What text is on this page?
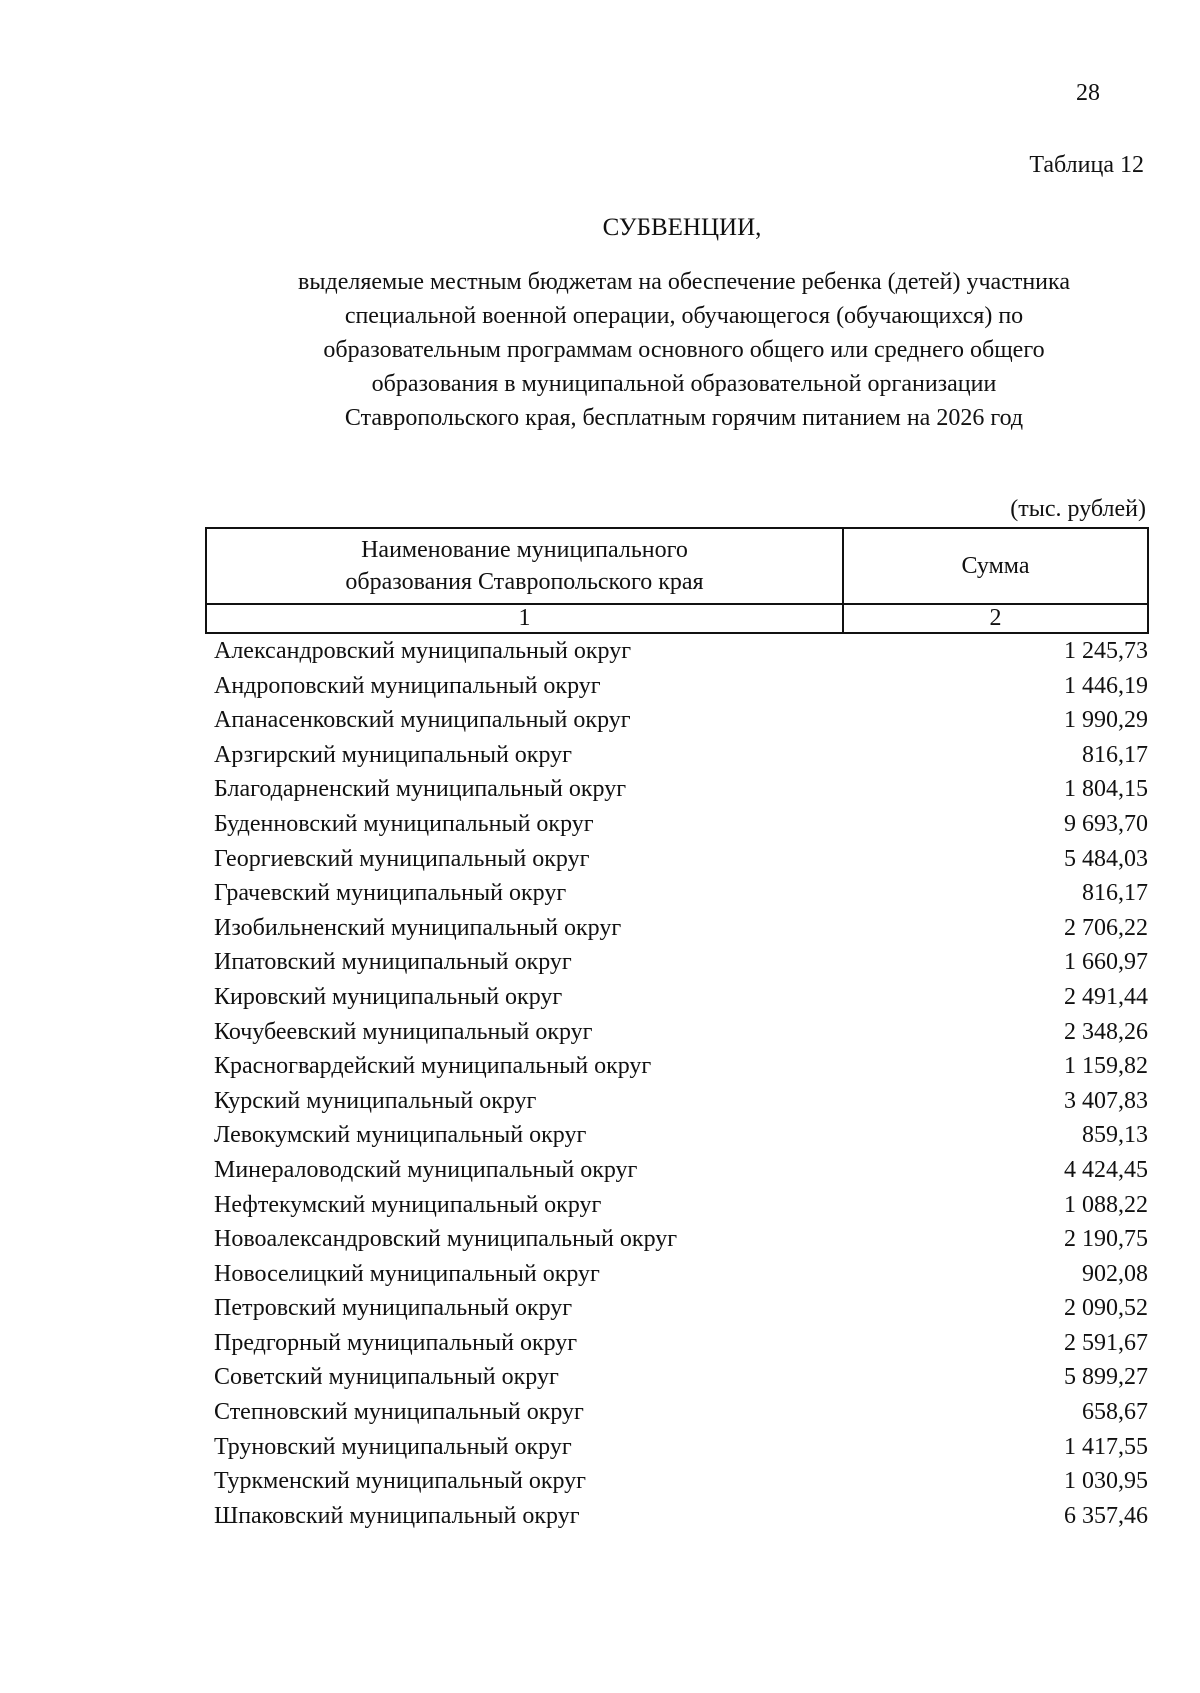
28
Таблица 12
СУБВЕНЦИИ,

выделяемые местным бюджетам на обеспечение ребенка (детей) участника
специальной военной операции, обучающегося (обучающихся) по
образовательным программам основного общего или среднего общего
образования в муниципальной образовательной организации
Ставропольского края, бесплатным горячим питанием на 2026 год

(тыс. рублей)
Наименование муниципального
образования Ставропольского края	Сумма
1	2
Александровский муниципальный округ	1 245,73
Андроповский муниципальный округ	1 446,19
Апанасенковский муниципальный округ	1 990,29
Арзгирский муниципальный округ	816,17
Благодарненский муниципальный округ	1 804,15
Буденновский муниципальный округ	9 693,70
Георгиевский муниципальный округ	5 484,03
Грачевский муниципальный округ	816,17
Изобильненский муниципальный округ	2 706,22
Ипатовский муниципальный округ	1 660,97
Кировский муниципальный округ	2 491,44
Кочубеевский муниципальный округ	2 348,26
Красногвардейский муниципальный округ	1 159,82
Курский муниципальный округ	3 407,83
Левокумский муниципальный округ	859,13
Минераловодский муниципальный округ	4 424,45
Нефтекумский муниципальный округ	1 088,22
Новоалександровский муниципальный округ	2 190,75
Новоселицкий муниципальный округ	902,08
Петровский муниципальный округ	2 090,52
Предгорный муниципальный округ	2 591,67
Советский муниципальный округ	5 899,27
Степновский муниципальный округ	658,67
Труновский муниципальный округ	1 417,55
Туркменский муниципальный округ	1 030,95
Шпаковский муниципальный округ	6 357,46
